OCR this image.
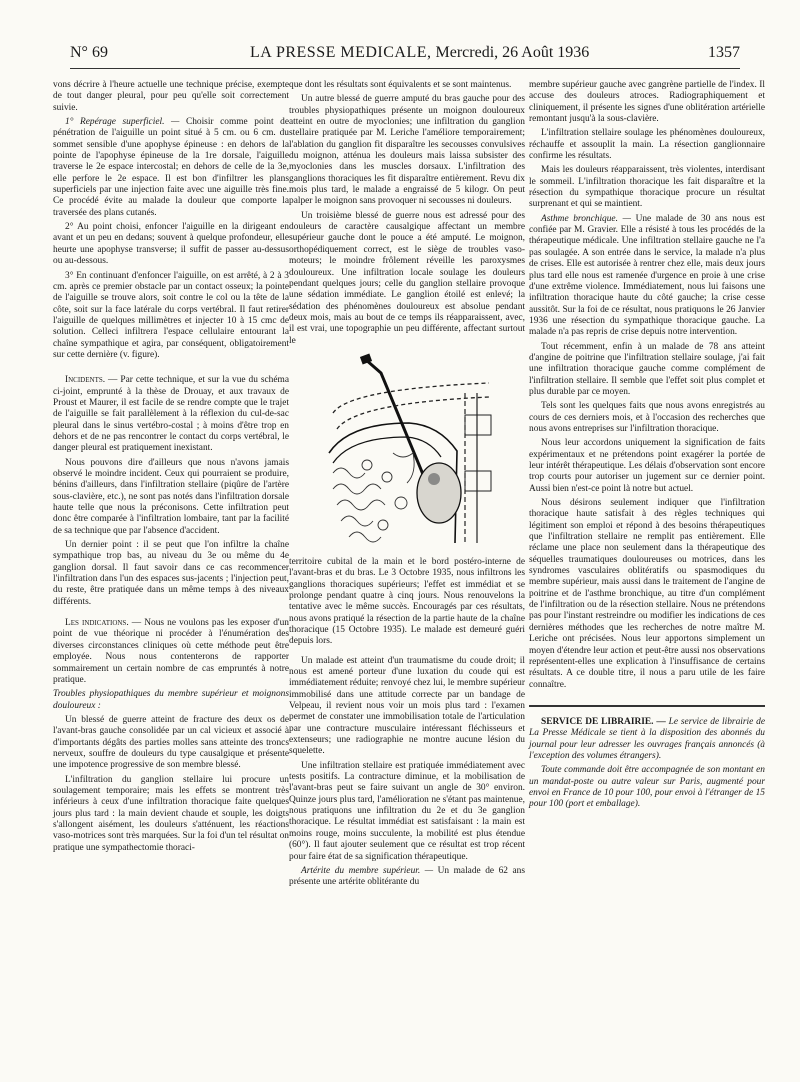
N° 69	LA PRESSE MEDICALE, Mercredi, 26 Août 1936	1357

vons décrire à l'heure actuelle une technique précise, exempte de tout danger pleural, pour peu qu'elle soit correctement suivie.

1° Repérage superficiel. — Choisir comme point de pénétration de l'aiguille un point situé à 5 cm. ou 6 cm. du sommet sensible d'une apophyse épineuse : en dehors de la pointe de l'apophyse épineuse de la 1re dorsale, l'aiguille traverse le 2e espace intercostal; en dehors de celle de la 3e, elle perfore le 2e espace. Il est bon d'infiltrer les plans superficiels par une injection faite avec une aiguille très fine. Ce procédé évite au malade la douleur que comporte la traversée des plans cutanés.

2° Au point choisi, enfoncer l'aiguille en la dirigeant en avant et un peu en dedans; souvent à quelque profondeur, elle heurte une apophyse transverse; il suffit de passer au-dessus ou au-dessous.

3° En continuant d'enfoncer l'aiguille, on est arrêté, à 2 à 3 cm. après ce premier obstacle par un contact osseux; la pointe de l'aiguille se trouve alors, soit contre le col ou la tête de la côte, soit sur la face latérale du corps vertébral. Il faut retirer l'aiguille de quelques millimètres et injecter 10 à 15 cmc de solution. Celleci infiltrera l'espace cellulaire entourant la chaîne sympathique et agira, par conséquent, obligatoirement sur cette dernière (v. figure).

Incidents. — Par cette technique, et sur la vue du schéma ci-joint, emprunté à la thèse de Drouay, et aux travaux de Proust et Maurer, il est facile de se rendre compte que le trajet de l'aiguille se fait parallèlement à la réflexion du cul-de-sac pleural dans le sinus vertébro-costal ; à moins d'être trop en dehors et de ne pas rencontrer le contact du corps vertébral, le danger pleural est pratiquement inexistant.

Nous pouvons dire d'ailleurs que nous n'avons jamais observé le moindre incident. Ceux qui pourraient se produire, bénins d'ailleurs, dans l'infiltration stellaire (piqûre de l'artère sous-clavière, etc.), ne sont pas notés dans l'infiltration dorsale haute telle que nous la préconisons. Cette infiltration peut donc être comparée à l'infiltration lombaire, tant par la facilité de sa technique que par l'absence d'accident.

Un dernier point : il se peut que l'on infiltre la chaîne sympathique trop bas, au niveau du 3e ou même du 4e ganglion dorsal. Il faut savoir dans ce cas recommencer l'infiltration dans l'un des espaces sus-jacents ; l'injection peut, du reste, être pratiquée dans un même temps à des niveaux différents.

Les indications. — Nous ne voulons pas les exposer d'un point de vue théorique ni procéder à l'énumération des diverses circonstances cliniques où cette méthode peut être employée. Nous nous contenterons de rapporter sommairement un certain nombre de cas empruntés à notre pratique.

Troubles physiopathiques du membre supérieur et moignons douloureux :

Un blessé de guerre atteint de fracture des deux os de l'avant-bras gauche consolidée par un cal vicieux et associé à d'importants dégâts des parties molles sans atteinte des troncs nerveux, souffre de douleurs du type causalgique et présente une impotence progressive de son membre blessé.

L'infiltration du ganglion stellaire lui procure un soulagement temporaire; mais les effets se montrent très inférieurs à ceux d'une infiltration thoracique faite quelques jours plus tard : la main devient chaude et souple, les doigts s'allongent aisément, les douleurs s'atténuent, les réactions vaso-motrices sont très marquées. Sur la foi d'un tel résultat on pratique une sympathectomie thoraci-

que dont les résultats sont équivalents et se sont maintenus.

Un autre blessé de guerre amputé du bras gauche pour des troubles physiopathiques présente un moignon douloureux atteint en outre de myoclonies; une infiltration du ganglion stellaire pratiquée par M. Leriche l'améliore temporairement; l'ablation du ganglion fit disparaître les secousses convulsives du moignon, atténua les douleurs mais laissa subsister des myoclonies dans les muscles dorsaux. L'infiltration des ganglions thoraciques les fit disparaître entièrement. Revu dix mois plus tard, le malade a engraissé de 5 kilogr. On peut palper le moignon sans provoquer ni secousses ni douleurs.

Un troisième blessé de guerre nous est adressé pour des douleurs de caractère causalgique affectant un membre supérieur gauche dont le pouce a été amputé. Le moignon, orthopédiquement correct, est le siège de troubles vaso-moteurs; le moindre frôlement réveille les paroxysmes douloureux. Une infiltration locale soulage les douleurs pendant quelques jours; celle du ganglion stellaire provoque une sédation immédiate. Le ganglion étoilé est enlevé; la sédation des phénomènes douloureux est absolue pendant deux mois, mais au bout de ce temps ils réapparaissent, avec, il est vrai, une topographie un peu différente, affectant surtout le

territoire cubital de la main et le bord postéro-interne de l'avant-bras et du bras. Le 3 Octobre 1935, nous infiltrons les ganglions thoraciques supérieurs; l'effet est immédiat et se prolonge pendant quatre à cinq jours. Nous renouvelons la tentative avec le même succès. Encouragés par ces résultats, nous avons pratiqué la résection de la partie haute de la chaîne thoracique (15 Octobre 1935). Le malade est demeuré guéri depuis lors.

Un malade est atteint d'un traumatisme du coude droit; il nous est amené porteur d'une luxation du coude qui est immédiatement réduite; renvoyé chez lui, le membre supérieur immobilisé dans une attitude correcte par un bandage de Velpeau, il revient nous voir un mois plus tard : l'examen permet de constater une immobilisation totale de l'articulation par une contracture musculaire intéressant fléchisseurs et extenseurs; une radiographie ne montre aucune lésion du squelette.

Une infiltration stellaire est pratiquée immédiatement avec tests positifs. La contracture diminue, et la mobilisation de l'avant-bras peut se faire suivant un angle de 30° environ. Quinze jours plus tard, l'amélioration ne s'étant pas maintenue, nous pratiquons une infiltration du 2e et du 3e ganglion thoracique. Le résultat immédiat est satisfaisant : la main est moins rouge, moins succulente, la mobilité est plus étendue (60°). Il faut ajouter seulement que ce résultat est trop récent pour faire état de sa signification thérapeutique.

Artérite du membre supérieur. — Un malade de 62 ans présente une artérite oblitérante du

membre supérieur gauche avec gangrène partielle de l'index. Il accuse des douleurs atroces. Radiographiquement et cliniquement, il présente les signes d'une oblitération artérielle remontant jusqu'à la sous-clavière.

L'infiltration stellaire soulage les phénomènes douloureux, réchauffe et assouplit la main. La résection ganglionnaire confirme les résultats.

Mais les douleurs réapparaissent, très violentes, interdisant le sommeil. L'infiltration thoracique les fait disparaître et la résection du sympathique thoracique procure un résultat surprenant et qui se maintient.

Asthme bronchique. — Une malade de 30 ans nous est confiée par M. Gravier. Elle a résisté à tous les procédés de la thérapeutique médicale. Une infiltration stellaire gauche ne l'a pas soulagée. A son entrée dans le service, la malade n'a plus de crises. Elle est autorisée à rentrer chez elle, mais deux jours plus tard elle nous est ramenée d'urgence en proie à une crise d'une extrême violence. Immédiatement, nous lui faisons une infiltration thoracique haute du côté gauche; la crise cesse aussitôt. Sur la foi de ce résultat, nous pratiquons le 26 Janvier 1936 une résection du sympathique thoracique gauche. La malade n'a pas repris de crise depuis notre intervention.

Tout récemment, enfin à un malade de 78 ans atteint d'angine de poitrine que l'infiltration stellaire soulage, j'ai fait une infiltration thoracique gauche comme complément de l'infiltration stellaire. Il semble que l'effet soit plus complet et plus durable par ce moyen.

Tels sont les quelques faits que nous avons enregistrés au cours de ces derniers mois, et à l'occasion des recherches que nous avons entreprises sur l'infiltration thoracique.

Nous leur accordons uniquement la signification de faits expérimentaux et ne prétendons point exagérer la portée de leur intérêt thérapeutique. Les délais d'observation sont encore trop courts pour autoriser un jugement sur ce dernier point. Aussi bien n'est-ce point là notre but actuel.

Nous désirons seulement indiquer que l'infiltration thoracique haute satisfait à des règles techniques qui légitiment son emploi et répond à des besoins thérapeutiques que l'infiltration stellaire ne remplit pas entièrement. Elle réclame une place non seulement dans la thérapeutique des séquelles traumatiques douloureuses ou motrices, dans les syndromes vasculaires oblitératifs ou spasmodiques du membre supérieur, mais aussi dans le traitement de l'angine de poitrine et de l'asthme bronchique, au titre d'un complément de l'infiltration ou de la résection stellaire. Nous ne prétendons pas pour l'instant restreindre ou modifier les indications de ces dernières méthodes que les recherches de notre maître M. Leriche ont précisées. Nous leur apportons simplement un moyen d'étendre leur action et peut-être aussi nos observations représentent-elles une explication à l'insuffisance de certains résultats. A ce double titre, il nous a paru utile de les faire connaître.

SERVICE DE LIBRAIRIE. — Le service de librairie de La Presse Médicale se tient à la disposition des abonnés du journal pour leur adresser les ouvrages français annoncés (à l'exception des volumes étrangers).

Toute commande doit être accompagnée de son montant en un mandat-poste ou autre valeur sur Paris, augmenté pour envoi en France de 10 pour 100, pour envoi à l'étranger de 15 pour 100 (port et emballage).
